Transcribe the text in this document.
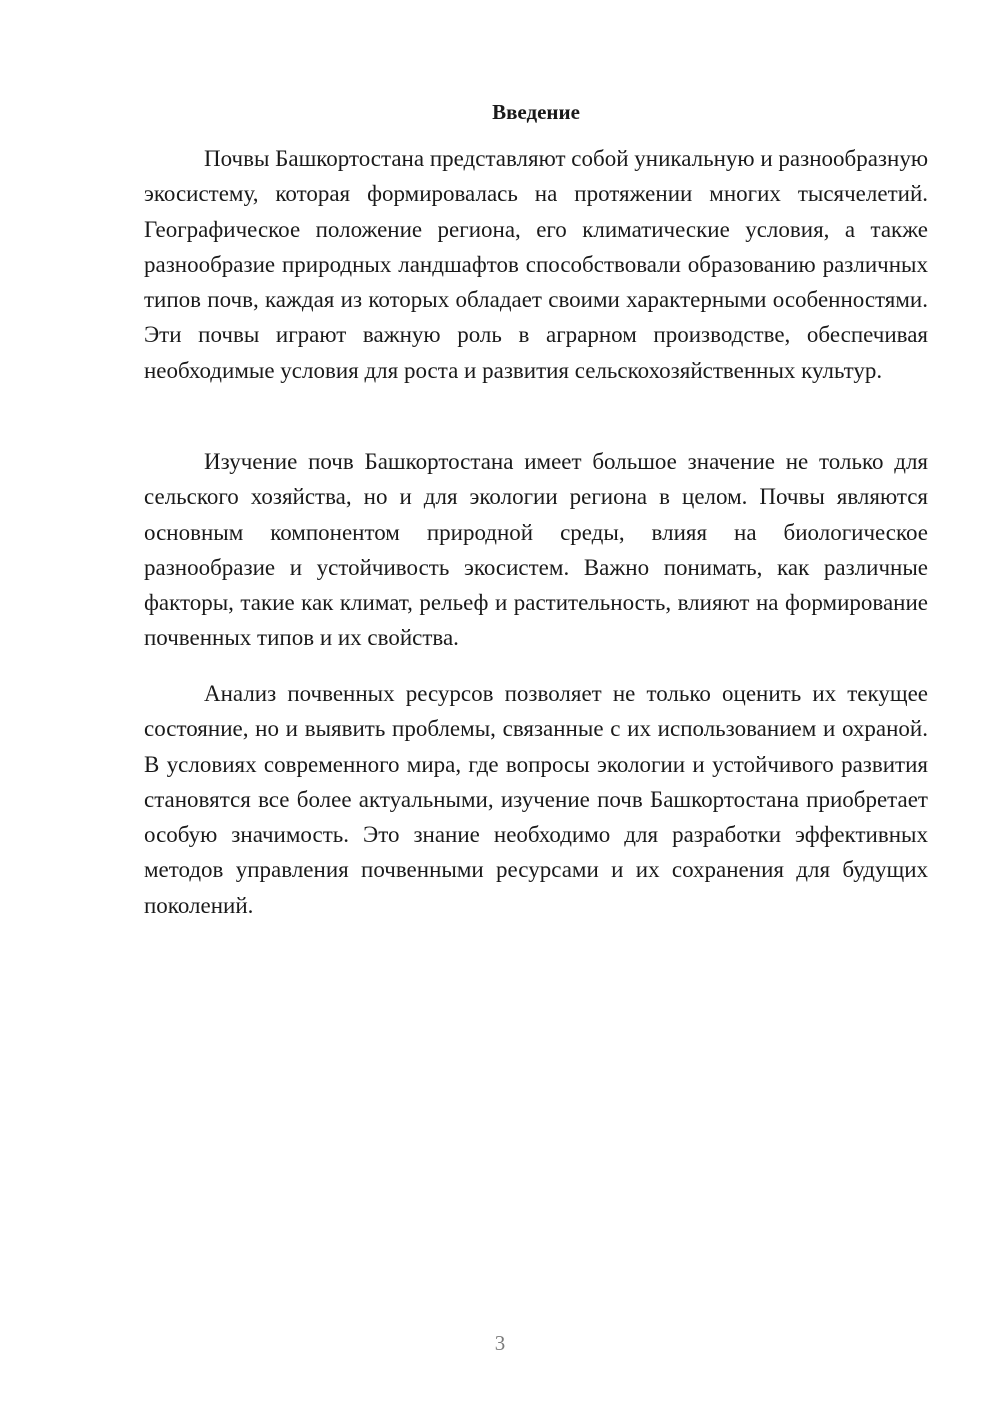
Введение

Почвы Башкортостана представляют собой уникальную и разнообразную экосистему, которая формировалась на протяжении многих тысячелетий. Географическое положение региона, его климатические условия, а также разнообразие природных ландшафтов способствовали образованию различных типов почв, каждая из которых обладает своими характерными особенностями. Эти почвы играют важную роль в аграрном производстве, обеспечивая необходимые условия для роста и развития сельскохозяйственных культур.

Изучение почв Башкортостана имеет большое значение не только для сельского хозяйства, но и для экологии региона в целом. Почвы являются основным компонентом природной среды, влияя на биологическое разнообразие и устойчивость экосистем. Важно понимать, как различные факторы, такие как климат, рельеф и растительность, влияют на формирование почвенных типов и их свойства.

Анализ почвенных ресурсов позволяет не только оценить их текущее состояние, но и выявить проблемы, связанные с их использованием и охраной. В условиях современного мира, где вопросы экологии и устойчивого развития становятся все более актуальными, изучение почв Башкортостана приобретает особую значимость. Это знание необходимо для разработки эффективных методов управления почвенными ресурсами и их сохранения для будущих поколений.

3
